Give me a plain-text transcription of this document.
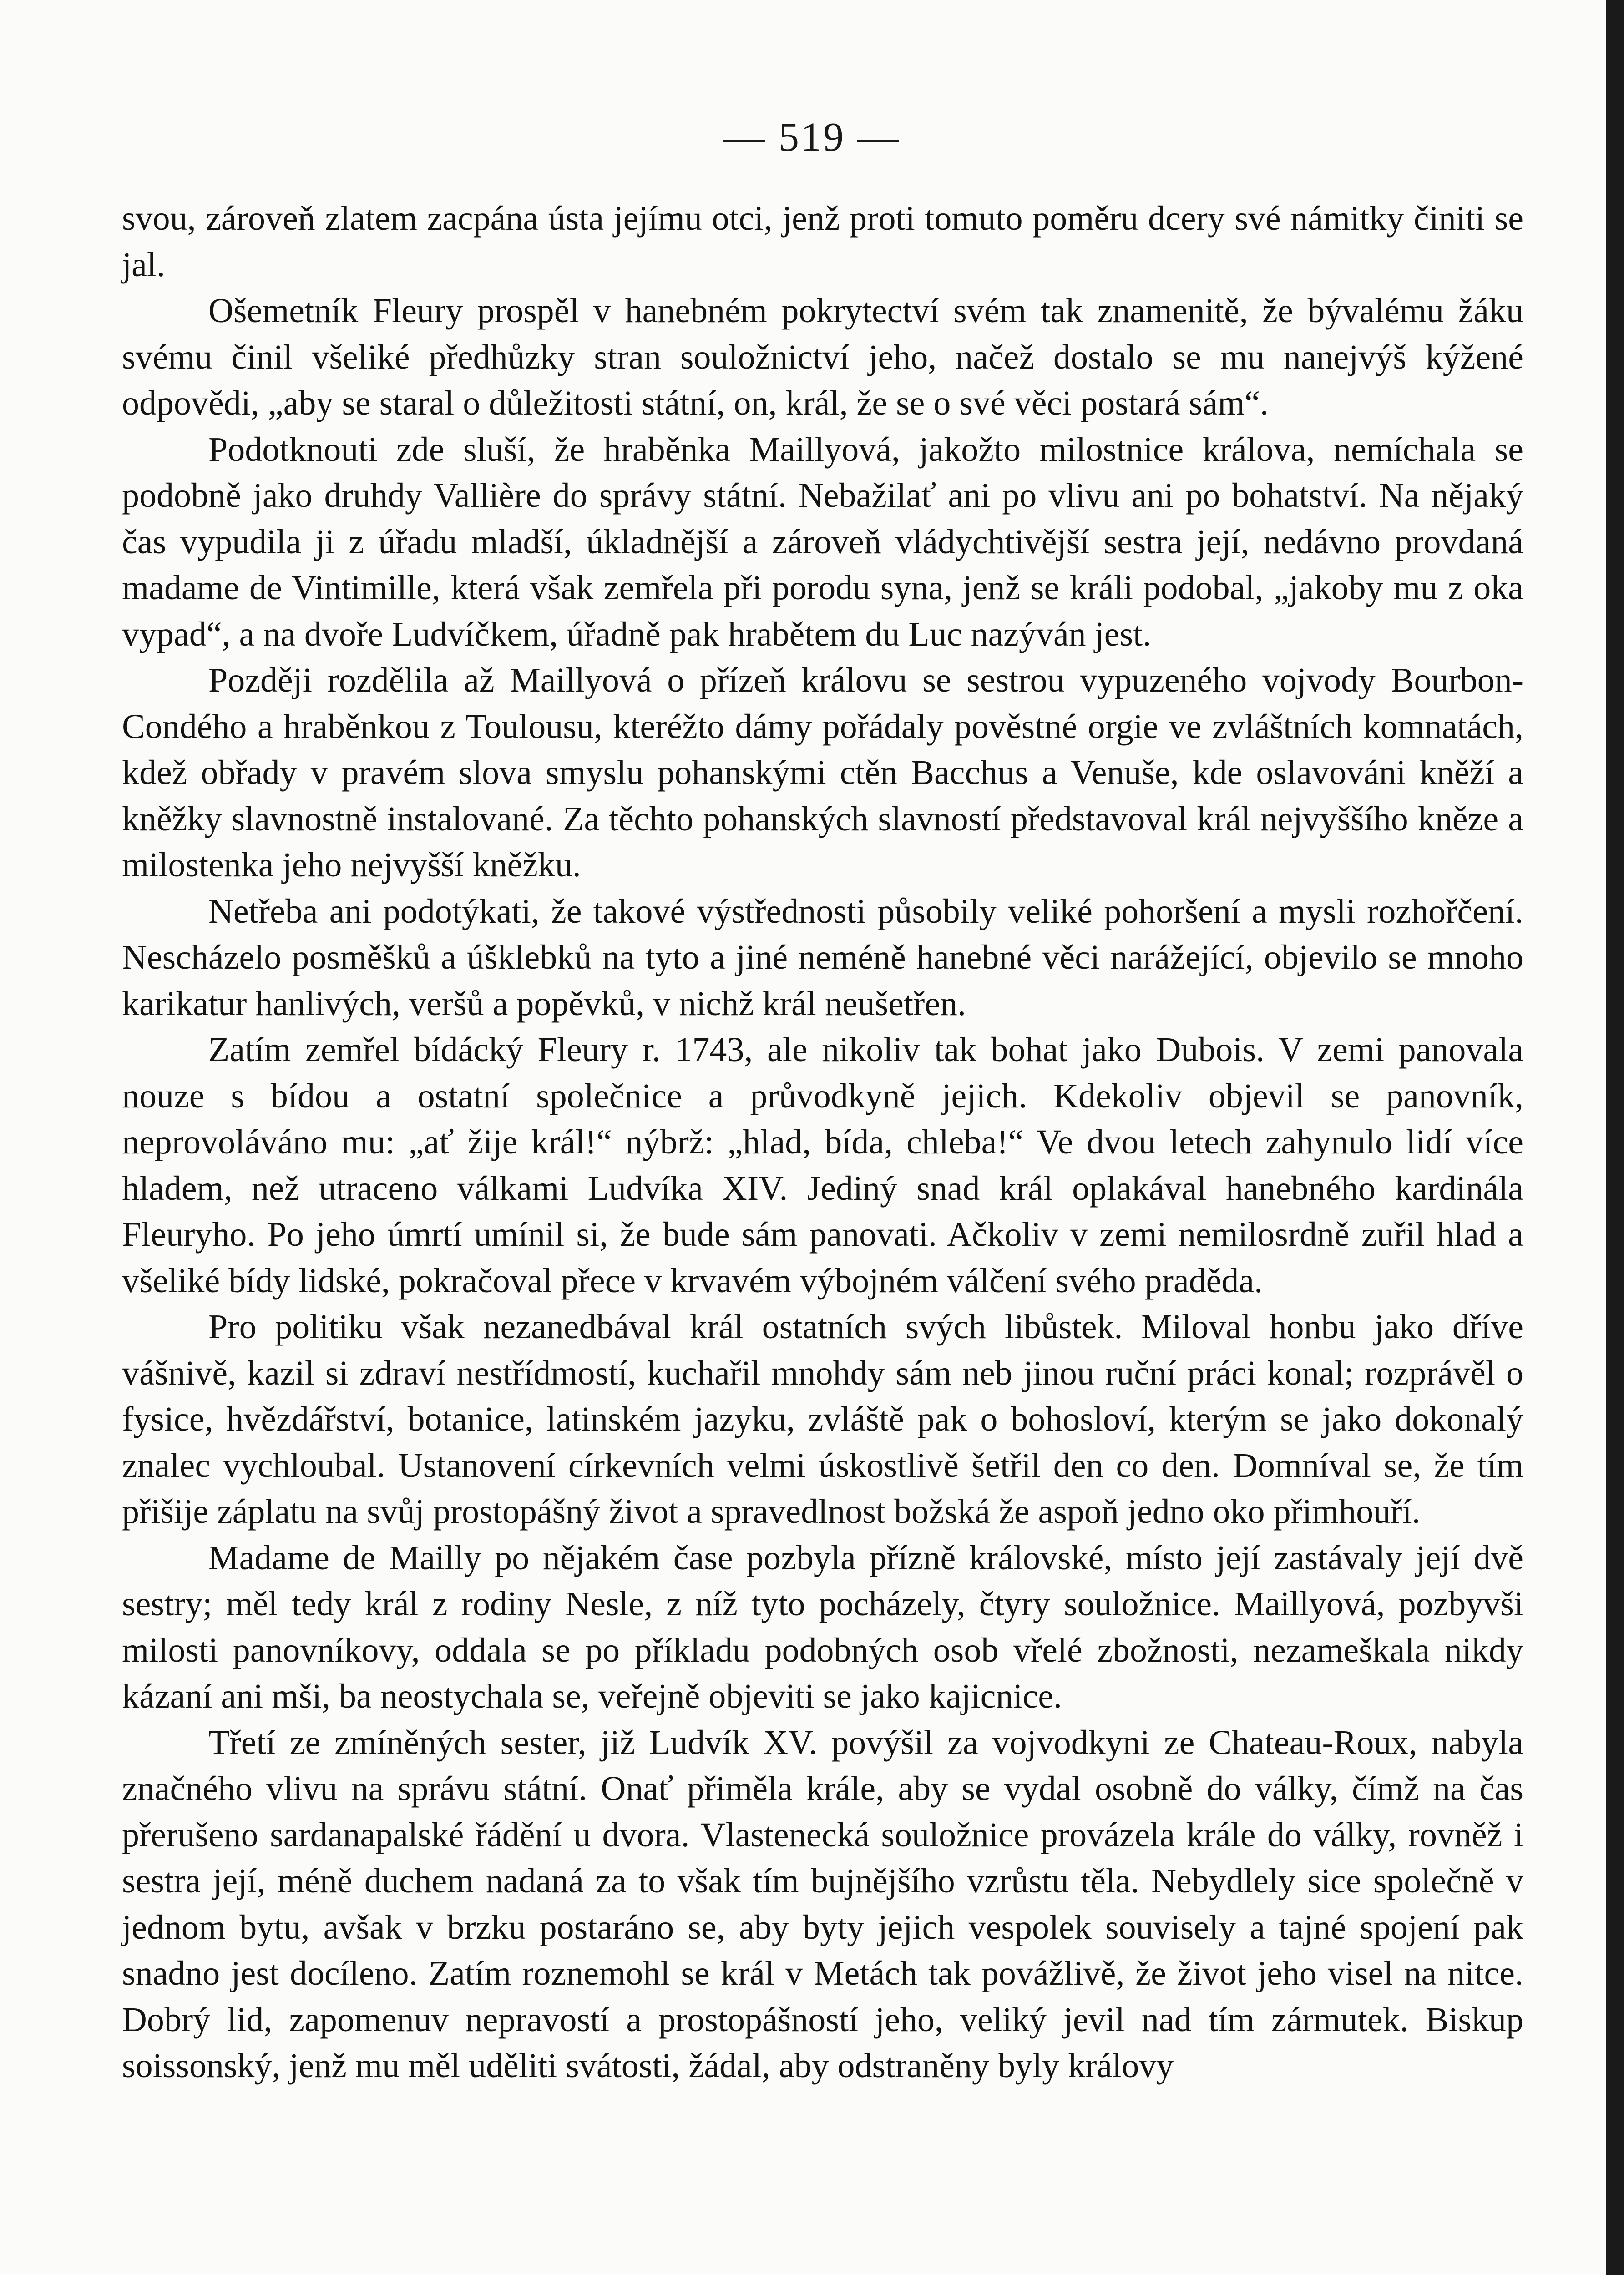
— 519 —

svou, zároveň zlatem zacpána ústa jejímu otci, jenž proti tomuto poměru dcery své námitky činiti se jal.

Ošemetník Fleury prospěl v hanebném pokrytectví svém tak znamenitě, že bývalému žáku svému činil všeliké předhůzky stran souložnictví jeho, načež dostalo se mu nanejvýš kýžené odpovědi, „aby se staral o důležitosti státní, on, král, že se o své věci postará sám“.

Podotknouti zde sluší, že hraběnka Maillyová, jakožto milostnice králova, nemíchala se podobně jako druhdy Vallière do správy státní. Nebažilať ani po vlivu ani po bohatství. Na nějaký čas vypudila ji z úřadu mladší, úkladnější a zároveň vládychtivější sestra její, nedávno provdaná madame de Vintimille, která však zemřela při porodu syna, jenž se králi podobal, „jakoby mu z oka vypad“, a na dvoře Ludvíčkem, úřadně pak hrabětem du Luc nazýván jest.

Později rozdělila až Maillyová o přízeň královu se sestrou vypuzeného vojvody Bourbon-Condého a hraběnkou z Toulousu, kteréžto dámy pořádaly pověstné orgie ve zvláštních komnatách, kdež obřady v pravém slova smyslu pohanskými ctěn Bacchus a Venuše, kde oslavováni kněží a kněžky slavnostně instalované. Za těchto pohanských slavností představoval král nejvyššího kněze a milostenka jeho nejvyšší kněžku.

Netřeba ani podotýkati, že takové výstřednosti působily veliké pohoršení a mysli rozhořčení. Nescházelo posměšků a úšklebků na tyto a jiné neméně hanebné věci narážející, objevilo se mnoho karikatur hanlivých, veršů a popěvků, v nichž král neušetřen.

Zatím zemřel bídácký Fleury r. 1743, ale nikoliv tak bohat jako Dubois. V zemi panovala nouze s bídou a ostatní společnice a průvodkyně jejich. Kdekoliv objevil se panovník, neprovoláváno mu: „ať žije král!“ nýbrž: „hlad, bída, chleba!“ Ve dvou letech zahynulo lidí více hladem, než utraceno válkami Ludvíka XIV. Jediný snad král oplakával hanebného kardinála Fleuryho. Po jeho úmrtí umínil si, že bude sám panovati. Ačkoliv v zemi nemilosrdně zuřil hlad a všeliké bídy lidské, pokračoval přece v krvavém výbojném válčení svého praděda.

Pro politiku však nezanedbával král ostatních svých libůstek. Miloval honbu jako dříve vášnivě, kazil si zdraví nestřídmostí, kuchařil mnohdy sám neb jinou ruční práci konal; rozprávěl o fysice, hvězdářství, botanice, latinském jazyku, zvláště pak o bohosloví, kterým se jako dokonalý znalec vychloubal. Ustanovení církevních velmi úskostlivě šetřil den co den. Domníval se, že tím přišije záplatu na svůj prostopášný život a spravedlnost božská že aspoň jedno oko přimhouří.

Madame de Mailly po nějakém čase pozbyla přízně královské, místo její zastávaly její dvě sestry; měl tedy král z rodiny Nesle, z níž tyto pocházely, čtyry souložnice. Maillyová, pozbyvši milosti panovníkovy, oddala se po příkladu podobných osob vřelé zbožnosti, nezameškala nikdy kázaní ani mši, ba neostychala se, veřejně objeviti se jako kajicnice.

Třetí ze zmíněných sester, již Ludvík XV. povýšil za vojvodkyni ze Chateau-Roux, nabyla značného vlivu na správu státní. Onať přiměla krále, aby se vydal osobně do války, čímž na čas přerušeno sardanapalské řádění u dvora. Vlastenecká souložnice provázela krále do války, rovněž i sestra její, méně duchem nadaná za to však tím bujnějšího vzrůstu těla. Nebydlely sice společně v jednom bytu, avšak v brzku postaráno se, aby byty jejich vespolek souvisely a tajné spojení pak snadno jest docíleno. Zatím roznemohl se král v Metách tak povážlivě, že život jeho visel na nitce. Dobrý lid, zapomenuv nepravostí a prostopášností jeho, veliký jevil nad tím zármutek. Biskup soissonský, jenž mu měl uděliti svátosti, žádal, aby odstraněny byly královy
